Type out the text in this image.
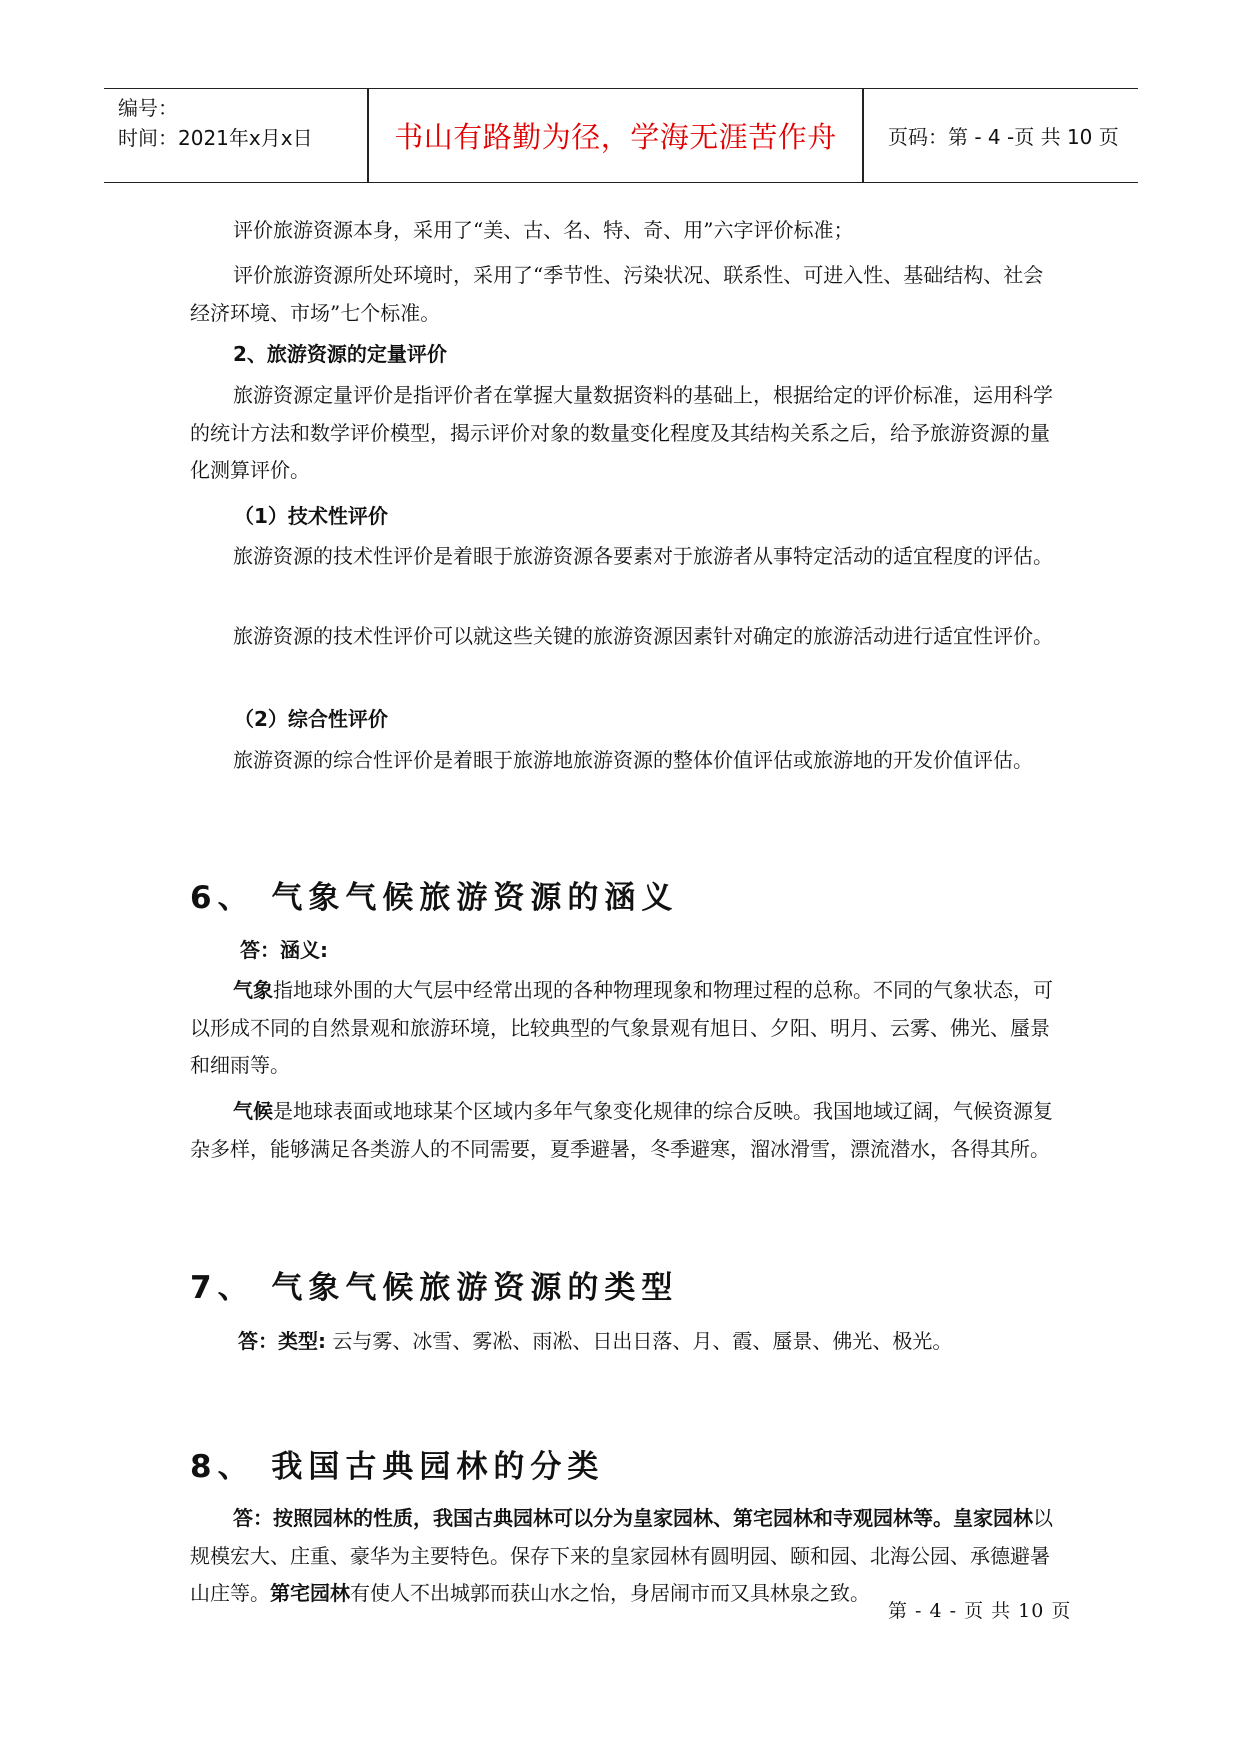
编号：
时间：2021年x月x日	书山有路勤为径，学海无涯苦作舟	页码：第 - 4 -页 共 10 页
评价旅游资源本身，采用了“美、古、名、特、奇、用”六字评价标准；
评价旅游资源所处环境时，采用了“季节性、污染状况、联系性、可进入性、基础结构、社会经济环境、市场”七个标准。
2、旅游资源的定量评价
旅游资源定量评价是指评价者在掌握大量数据资料的基础上，根据给定的评价标准，运用科学的统计方法和数学评价模型，揭示评价对象的数量变化程度及其结构关系之后，给予旅游资源的量化测算评价。
（1）技术性评价
旅游资源的技术性评价是着眼于旅游资源各要素对于旅游者从事特定活动的适宜程度的评估。
旅游资源的技术性评价可以就这些关键的旅游资源因素针对确定的旅游活动进行适宜性评价。
（2）综合性评价
旅游资源的综合性评价是着眼于旅游地旅游资源的整体价值评估或旅游地的开发价值评估。
6、 气象气候旅游资源的涵义
答：涵义:
气象指地球外围的大气层中经常出现的各种物理现象和物理过程的总称。不同的气象状态，可以形成不同的自然景观和旅游环境，比较典型的气象景观有旭日、夕阳、明月、云雾、佛光、蜃景和细雨等。
气候是地球表面或地球某个区域内多年气象变化规律的综合反映。我国地域辽阔，气候资源复杂多样，能够满足各类游人的不同需要，夏季避暑，冬季避寒，溜冰滑雪，漂流潜水，各得其所。
7、 气象气候旅游资源的类型
答：类型: 云与雾、冰雪、雾凇、雨凇、日出日落、月、霞、蜃景、佛光、极光。
8、 我国古典园林的分类
答：按照园林的性质，我国古典园林可以分为皇家园林、第宅园林和寺观园林等。皇家园林以规模宏大、庄重、豪华为主要特色。保存下来的皇家园林有圆明园、颐和园、北海公园、承德避暑山庄等。第宅园林有使人不出城郭而获山水之怡，身居闹市而又具林泉之致。
第 - 4 - 页 共 10 页
